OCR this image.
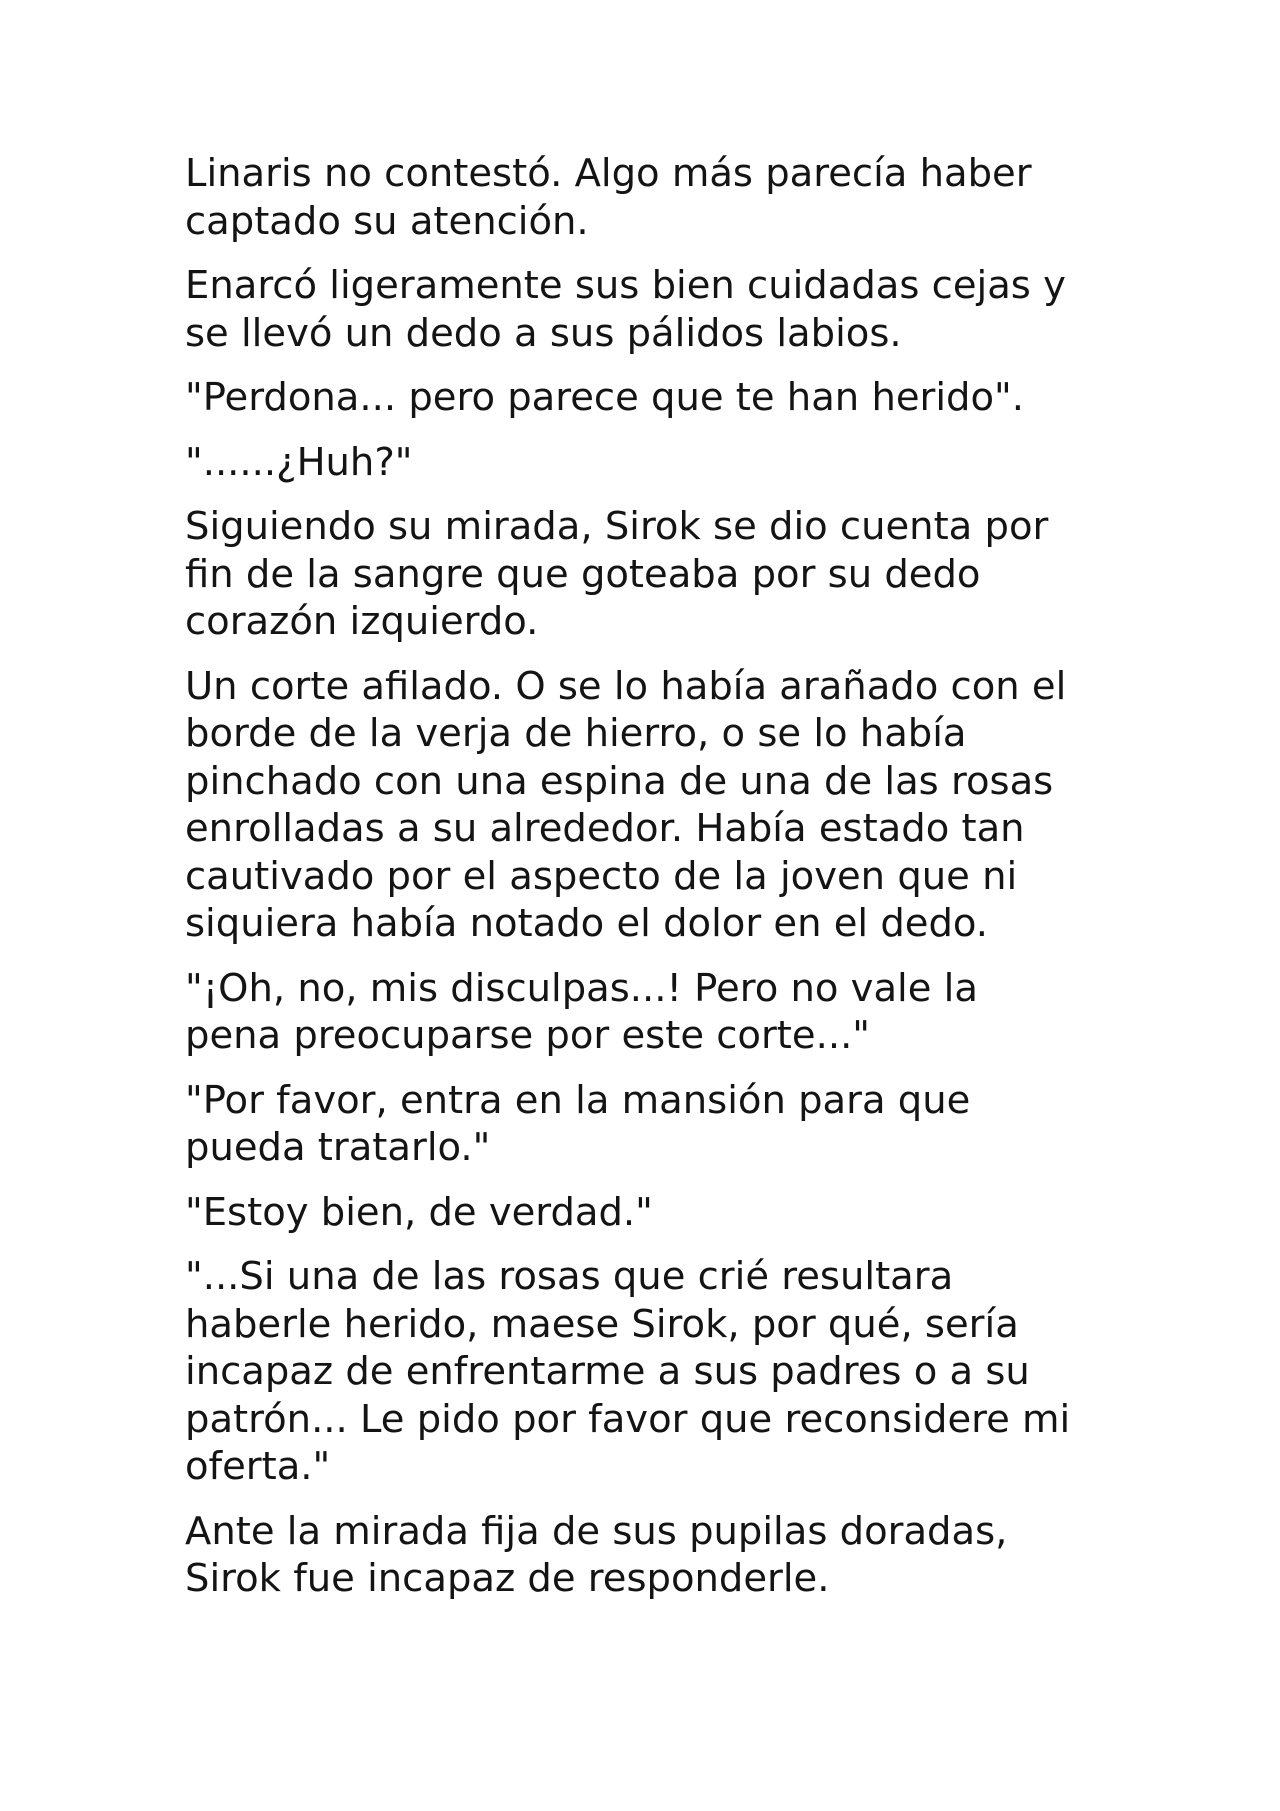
Linaris no contestó. Algo más parecía haber
captado su atención.

Enarcó ligeramente sus bien cuidadas cejas y
se llevó un dedo a sus pálidos labios.

"Perdona... pero parece que te han herido".

"......¿Huh?"

Siguiendo su mirada, Sirok se dio cuenta por
fin de la sangre que goteaba por su dedo
corazón izquierdo.

Un corte afilado. O se lo había arañado con el
borde de la verja de hierro, o se lo había
pinchado con una espina de una de las rosas
enrolladas a su alrededor. Había estado tan
cautivado por el aspecto de la joven que ni
siquiera había notado el dolor en el dedo.

"¡Oh, no, mis disculpas...! Pero no vale la
pena preocuparse por este corte..."

"Por favor, entra en la mansión para que
pueda tratarlo."

"Estoy bien, de verdad."

"...Si una de las rosas que crié resultara
haberle herido, maese Sirok, por qué, sería
incapaz de enfrentarme a sus padres o a su
patrón... Le pido por favor que reconsidere mi
oferta."

Ante la mirada fija de sus pupilas doradas,
Sirok fue incapaz de responderle.
